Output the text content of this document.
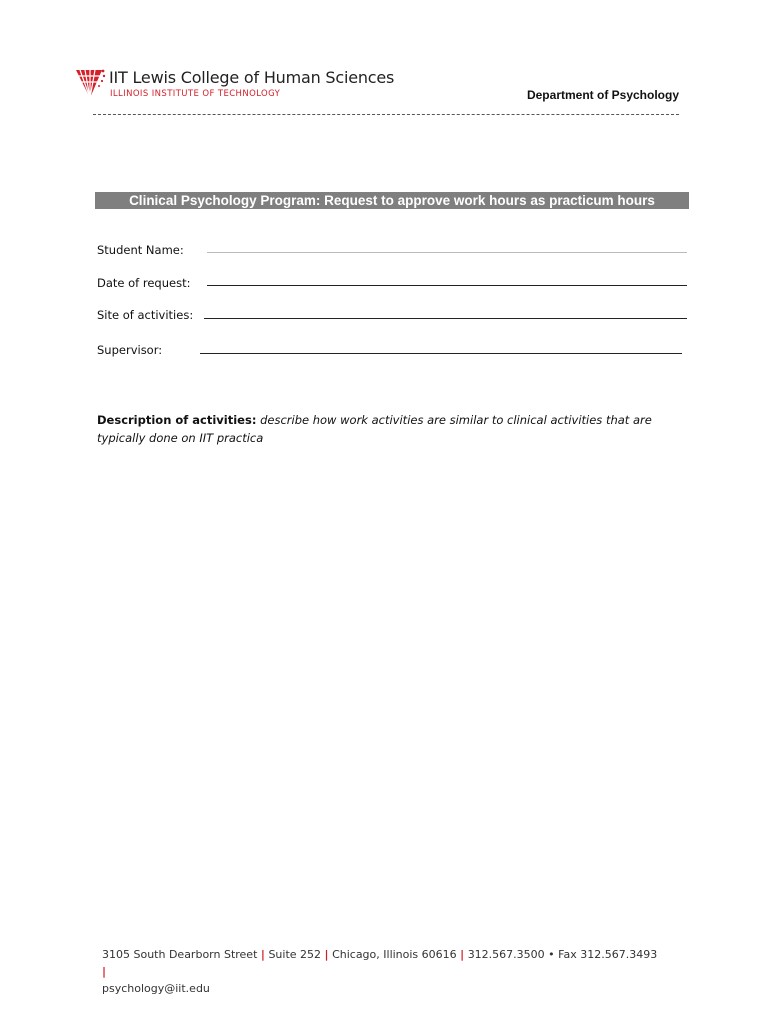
IIT Lewis College of Human Sciences
ILLINOIS INSTITUTE OF TECHNOLOGY	Department of Psychology
Clinical Psychology Program: Request to approve work hours as practicum hours
Student Name:
Date of request:
Site of activities:
Supervisor:
Description of activities: describe how work activities are similar to clinical activities that are typically done on IIT practica
3105 South Dearborn Street | Suite 252 | Chicago, Illinois 60616 | 312.567.3500 • Fax 312.567.3493 |
psychology@iit.edu
